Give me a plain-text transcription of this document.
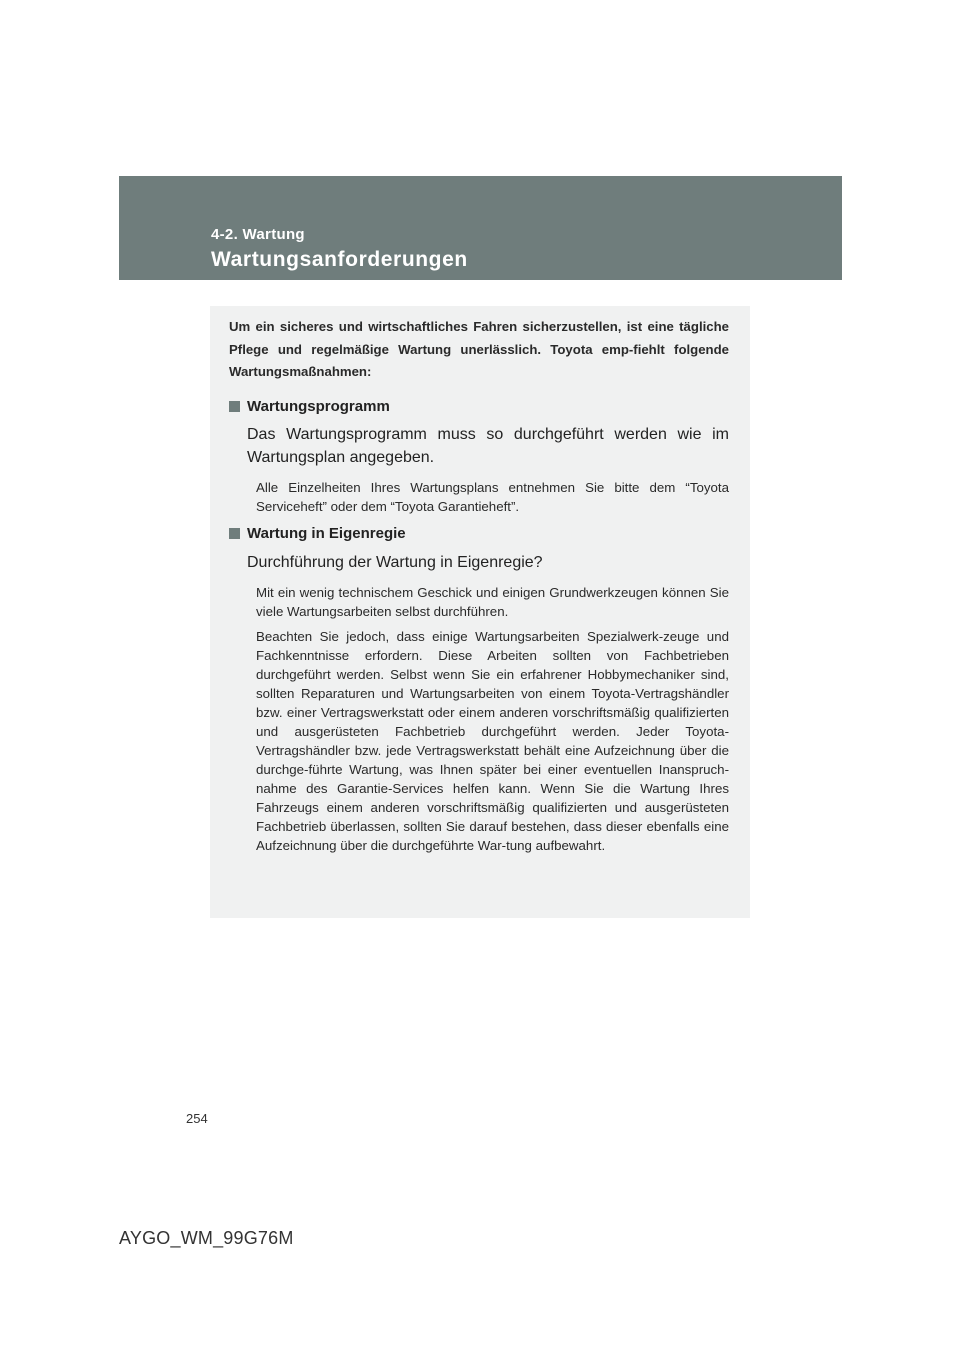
4-2. Wartung
Wartungsanforderungen

Um ein sicheres und wirtschaftliches Fahren sicherzustellen, ist eine tägliche Pflege und regelmäßige Wartung unerlässlich. Toyota emp-fiehlt folgende Wartungsmaßnahmen:

Wartungsprogramm

Das Wartungsprogramm muss so durchgeführt werden wie im Wartungsplan angegeben.

Alle Einzelheiten Ihres Wartungsplans entnehmen Sie bitte dem “Toyota Serviceheft” oder dem “Toyota Garantieheft”.

Wartung in Eigenregie

Durchführung der Wartung in Eigenregie?

Mit ein wenig technischem Geschick und einigen Grundwerkzeugen können Sie viele Wartungsarbeiten selbst durchführen.

Beachten Sie jedoch, dass einige Wartungsarbeiten Spezialwerk-zeuge und Fachkenntnisse erfordern. Diese Arbeiten sollten von Fachbetrieben durchgeführt werden. Selbst wenn Sie ein erfahrener Hobbymechaniker sind, sollten Reparaturen und Wartungsarbeiten von einem Toyota-Vertragshändler bzw. einer Vertragswerkstatt oder einem anderen vorschriftsmäßig qualifizierten und ausgerüsteten Fachbetrieb durchgeführt werden. Jeder Toyota-Vertragshändler bzw. jede Vertragswerkstatt behält eine Aufzeichnung über die durchge-führte Wartung, was Ihnen später bei einer eventuellen Inanspruch-nahme des Garantie-Services helfen kann. Wenn Sie die Wartung Ihres Fahrzeugs einem anderen vorschriftsmäßig qualifizierten und ausgerüsteten Fachbetrieb überlassen, sollten Sie darauf bestehen, dass dieser ebenfalls eine Aufzeichnung über die durchgeführte War-tung aufbewahrt.

254
AYGO_WM_99G76M
